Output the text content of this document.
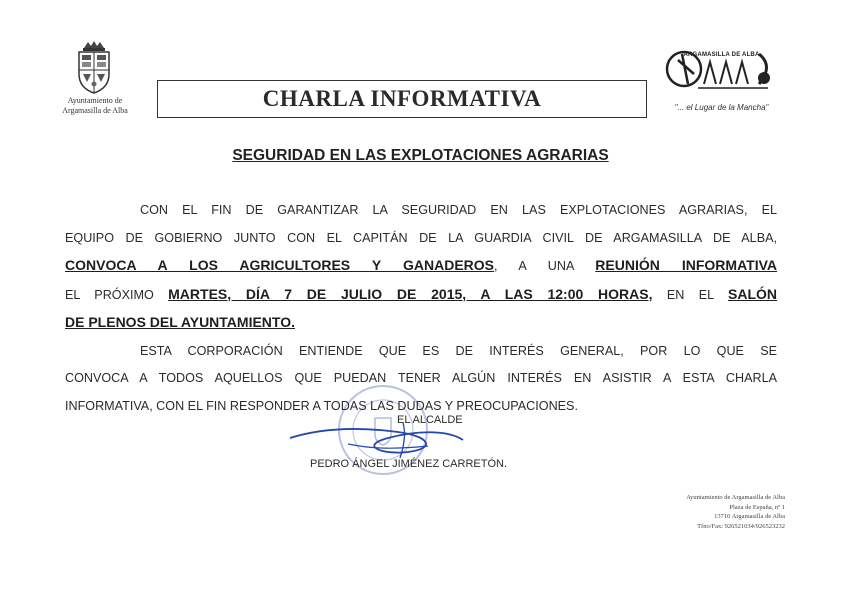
Ayuntamiento de
Argamasilla de Alba	CHARLA INFORMATIVA
ARGAMASILLA DE ALBA
"... el Lugar de la Mancha"
SEGURIDAD EN LAS EXPLOTACIONES AGRARIAS
CON EL FIN DE GARANTIZAR LA SEGURIDAD EN LAS EXPLOTACIONES AGRARIAS, EL
EQUIPO DE GOBIERNO JUNTO CON EL CAPITÁN DE LA GUARDIA CIVIL DE ARGAMASILLA DE ALBA,
CONVOCA A LOS AGRICULTORES Y GANADEROS, A UNA REUNIÓN INFORMATIVA
EL PRÓXIMO MARTES, DÍA 7 DE JULIO DE 2015, A LAS 12:00 HORAS, EN EL SALÓN
DE PLENOS DEL AYUNTAMIENTO.
ESTA CORPORACIÓN ENTIENDE QUE ES DE INTERÉS GENERAL, POR LO QUE SE
CONVOCA A TODOS AQUELLOS QUE PUEDAN TENER ALGÚN INTERÉS EN ASISTIR A ESTA CHARLA
INFORMATIVA, CON EL FIN RESPONDER A TODAS LAS DUDAS Y PREOCUPACIONES.
EL ALCALDE
PEDRO ÁNGEL JIMÉNEZ CARRETÓN.
Ayuntamiento de Argamasilla de Alba
Plaza de España, nº 1
13710 Argamasilla de Alba
Tfno/Fax: 926521034/926523232
